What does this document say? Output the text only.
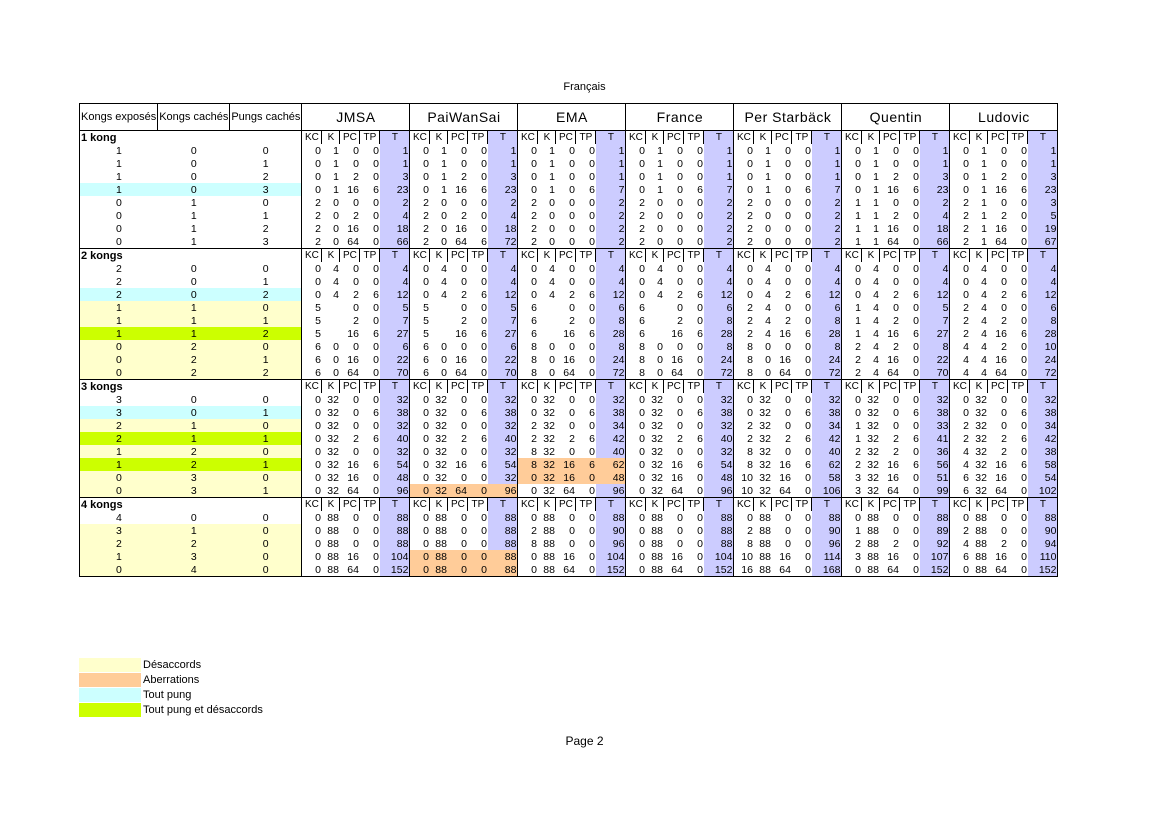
Français
Kongs exposés	Kongs cachés	Pungs cachés	JMSA					PaiWanSai					EMA					France					Per Starbäck					Quentin					Ludovic				
1 kong			KC	K	PC	TP	T	KC	K	PC	TP	T	KC	K	PC	TP	T	KC	K	PC	TP	T	KC	K	PC	TP	T	KC	K	PC	TP	T	KC	K	PC	TP	T
1	0	0	0	1	0	0	1	0	1	0	0	1	0	1	0	0	1	0	1	0	0	1	0	1	0	0	1	0	1	0	0	1	0	1	0	0	1
1	0	1	0	1	0	0	1	0	1	0	0	1	0	1	0	0	1	0	1	0	0	1	0	1	0	0	1	0	1	0	0	1	0	1	0	0	1
1	0	2	0	1	2	0	3	0	1	2	0	3	0	1	0	0	1	0	1	0	0	1	0	1	0	0	1	0	1	2	0	3	0	1	2	0	3
1	0	3	0	1	16	6	23	0	1	16	6	23	0	1	0	6	7	0	1	0	6	7	0	1	0	6	7	0	1	16	6	23	0	1	16	6	23
0	1	0	2	0	0	0	2	2	0	0	0	2	2	0	0	0	2	2	0	0	0	2	2	0	0	0	2	1	1	0	0	2	2	1	0	0	3
0	1	1	2	0	2	0	4	2	0	2	0	4	2	0	0	0	2	2	0	0	0	2	2	0	0	0	2	1	1	2	0	4	2	1	2	0	5
0	1	2	2	0	16	0	18	2	0	16	0	18	2	0	0	0	2	2	0	0	0	2	2	0	0	0	2	1	1	16	0	18	2	1	16	0	19
0	1	3	2	0	64	0	66	2	0	64	6	72	2	0	0	0	2	2	0	0	0	2	2	0	0	0	2	1	1	64	0	66	2	1	64	0	67
2 kongs			KC	K	PC	TP	T	KC	K	PC	TP	T	KC	K	PC	TP	T	KC	K	PC	TP	T	KC	K	PC	TP	T	KC	K	PC	TP	T	KC	K	PC	TP	T
2	0	0	0	4	0	0	4	0	4	0	0	4	0	4	0	0	4	0	4	0	0	4	0	4	0	0	4	0	4	0	0	4	0	4	0	0	4
2	0	1	0	4	0	0	4	0	4	0	0	4	0	4	0	0	4	0	4	0	0	4	0	4	0	0	4	0	4	0	0	4	0	4	0	0	4
2	0	2	0	4	2	6	12	0	4	2	6	12	0	4	2	6	12	0	4	2	6	12	0	4	2	6	12	0	4	2	6	12	0	4	2	6	12
1	1	0	5		0	0	5	5		0	0	5	6		0	0	6	6		0	0	6	2	4	0	0	6	1	4	0	0	5	2	4	0	0	6
1	1	1	5		2	0	7	5		2	0	7	6		2	0	8	6		2	0	8	2	4	2	0	8	1	4	2	0	7	2	4	2	0	8
1	1	2	5		16	6	27	5		16	6	27	6		16	6	28	6		16	6	28	2	4	16	6	28	1	4	16	6	27	2	4	16	6	28
0	2	0	6	0	0	0	6	6	0	0	0	6	8	0	0	0	8	8	0	0	0	8	8	0	0	0	8	2	4	2	0	8	4	4	2	0	10
0	2	1	6	0	16	0	22	6	0	16	0	22	8	0	16	0	24	8	0	16	0	24	8	0	16	0	24	2	4	16	0	22	4	4	16	0	24
0	2	2	6	0	64	0	70	6	0	64	0	70	8	0	64	0	72	8	0	64	0	72	8	0	64	0	72	2	4	64	0	70	4	4	64	0	72
3 kongs			KC	K	PC	TP	T	KC	K	PC	TP	T	KC	K	PC	TP	T	KC	K	PC	TP	T	KC	K	PC	TP	T	KC	K	PC	TP	T	KC	K	PC	TP	T
3	0	0	0	32	0	0	32	0	32	0	0	32	0	32	0	0	32	0	32	0	0	32	0	32	0	0	32	0	32	0	0	32	0	32	0	0	32
3	0	1	0	32	0	6	38	0	32	0	6	38	0	32	0	6	38	0	32	0	6	38	0	32	0	6	38	0	32	0	6	38	0	32	0	6	38
2	1	0	0	32	0	0	32	0	32	0	0	32	2	32	0	0	34	0	32	0	0	32	2	32	0	0	34	1	32	0	0	33	2	32	0	0	34
2	1	1	0	32	2	6	40	0	32	2	6	40	2	32	2	6	42	0	32	2	6	40	2	32	2	6	42	1	32	2	6	41	2	32	2	6	42
1	2	0	0	32	0	0	32	0	32	0	0	32	8	32	0	0	40	0	32	0	0	32	8	32	0	0	40	2	32	2	0	36	4	32	2	0	38
1	2	1	0	32	16	6	54	0	32	16	6	54	8	32	16	6	62	0	32	16	6	54	8	32	16	6	62	2	32	16	6	56	4	32	16	6	58
0	3	0	0	32	16	0	48	0	32	0	0	32	0	32	16	0	48	0	32	16	0	48	10	32	16	0	58	3	32	16	0	51	6	32	16	0	54
0	3	1	0	32	64	0	96	0	32	64	0	96	0	32	64	0	96	0	32	64	0	96	10	32	64	0	106	3	32	64	0	99	6	32	64	0	102
4 kongs			KC	K	PC	TP	T	KC	K	PC	TP	T	KC	K	PC	TP	T	KC	K	PC	TP	T	KC	K	PC	TP	T	KC	K	PC	TP	T	KC	K	PC	TP	T
4	0	0	0	88	0	0	88	0	88	0	0	88	0	88	0	0	88	0	88	0	0	88	0	88	0	0	88	0	88	0	0	88	0	88	0	0	88
3	1	0	0	88	0	0	88	0	88	0	0	88	2	88	0	0	90	0	88	0	0	88	2	88	0	0	90	1	88	0	0	89	2	88	0	0	90
2	2	0	0	88	0	0	88	0	88	0	0	88	8	88	0	0	96	0	88	0	0	88	8	88	0	0	96	2	88	2	0	92	4	88	2	0	94
1	3	0	0	88	16	0	104	0	88	0	0	88	0	88	16	0	104	0	88	16	0	104	10	88	16	0	114	3	88	16	0	107	6	88	16	0	110
0	4	0	0	88	64	0	152	0	88	0	0	88	0	88	64	0	152	0	88	64	0	152	16	88	64	0	168	0	88	64	0	152	0	88	64	0	152
Désaccords
Aberrations
Tout pung
Tout pung et désaccords
Page 2
